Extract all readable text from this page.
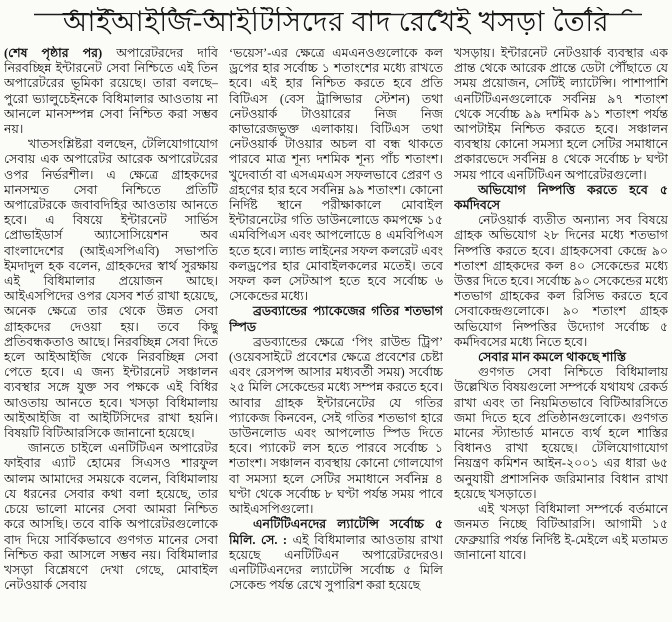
আইআইজি-আইটিসিদের বাদ রেখেই খসড়া তৈরি

(শেষ পৃষ্ঠার পর) অপারেটরদের দাবি নিরবচ্ছিন্ন ইন্টারনেট সেবা নিশ্চিতে এই তিন অপারেটরের ভূমিকা রয়েছে। তারা বলছে– পুরো ভ্যালুচেইনকে বিধিমালার আওতায় না আনলে মানসম্পন্ন সেবা নিশ্চিত করা সম্ভব নয়।

খাতসংশ্লিষ্টরা বলছেন, টেলিযোগাযোগ সেবায় এক অপারেটর আরেক অপারেটরের ওপর নির্ভরশীল। এ ক্ষেত্রে গ্রাহকদের মানসম্মত সেবা নিশ্চিতে প্রতিটি অপারেটরকে জবাবদিহির আওতায় আনতে হবে। এ বিষয়ে ইন্টারনেট সার্ভিস প্রোভাইডার্স অ্যাসোসিয়েশন অব বাংলাদেশের (আইএসপিএবি) সভাপতি ইমদাদুল হক বলেন, গ্রাহকদের স্বার্থ সুরক্ষায় এই বিধিমালার প্রয়োজন আছে। আইএসপিদের ওপর যেসব শর্ত রাখা হয়েছে, অনেক ক্ষেত্রে তার থেকে উন্নত সেবা গ্রাহকদের দেওয়া হয়। তবে কিছু প্রতিবন্ধকতাও আছে। নিরবচ্ছিন্ন সেবা দিতে হলে আইআইজি থেকে নিরবচ্ছিন্ন সেবা পেতে হবে। এ জন্য ইন্টারনেট সঞ্চালন ব্যবস্থার সঙ্গে যুক্ত সব পক্ষকে এই বিধির আওতায় আনতে হবে। খসড়া বিধিমালায় আইআইজি বা আইটিসিদের রাখা হয়নি। বিষয়টি বিটিআরসিকে জানানো হয়েছে।

জানতে চাইলে এনটিটিএন অপারেটর ফাইবার এ্যাট হোমের সিএসও শারফুল আলম আমাদের সময়কে বলেন, বিধিমালায় যে ধরনের সেবার কথা বলা হয়েছে, তার চেয়ে ভালো মানের সেবা আমরা নিশ্চিত করে আসছি। তবে বাকি অপারেটরগুলোকে বাদ দিয়ে সার্বিকভাবে গুণগত মানের সেবা নিশ্চিত করা আসলে সম্ভব নয়। বিধিমালার খসড়া বিশ্লেষণে দেখা গেছে, মোবাইল নেটওয়ার্ক সেবায়

‘ভয়েস’-এর ক্ষেত্রে এমএনওগুলোকে কল ড্রপের হার সর্বোচ্চ ১ শতাংশের মধ্যে রাখতে হবে। এই হার নিশ্চিত করতে হবে প্রতি বিটিএস (বেস ট্রান্সিভার স্টেশন) তথা নেটওয়ার্ক টাওয়ারের নিজ নিজ কাভারেজভুক্ত এলাকায়। বিটিএস তথা নেটওয়ার্ক টাওয়ার অচল বা বন্ধ থাকতে পারবে মাত্র শূন্য দশমিক শূন্য পাঁচ শতাংশ। খুদেবার্তা বা এসএমএস সফলভাবে প্রেরণ ও গ্রহণের হার হবে সর্বনিম্ন ৯৯ শতাংশ। কোনো নির্দিষ্ট স্থানে পরীক্ষাকালে মোবাইল ইন্টারনেটের গতি ডাউনলোডে কমপক্ষে ১৫ এমবিপিএস এবং আপলোডে ৪ এমবিপিএস হতে হবে। ল্যান্ড লাইনের সফল কলরেট এবং কলড্রপের হার মোবাইলকলের মতেই। তবে সফল কল সেটআপ হতে হবে সর্বোচ্চ ৬ সেকেন্ডের মধ্যে।

ব্রডব্যান্ডের প্যাকেজের গতির শতভাগ স্পিড

ব্রডব্যান্ডের ক্ষেত্রে ‘পিং রাউন্ড ট্রিপ’ (ওয়েবসাইটে প্রবেশের ক্ষেত্রে প্রবেশের চেষ্টা এবং রেসপন্স আসার মধ্যবর্তী সময়) সর্বোচ্চ ২৫ মিলি সেকেন্ডের মধ্যে সম্পন্ন করতে হবে। আবার গ্রাহক ইন্টারনেটের যে গতির প্যাকেজ কিনবেন, সেই গতির শতভাগ হারে ডাউনলোড এবং আপলোড স্পিড দিতে হবে। প্যাকেট লস হতে পারবে সর্বোচ্চ ১ শতাংশ। সঞ্চালন ব্যবস্থায় কোনো গোলযোগ বা সমস্যা হলে সেটির সমাধানে সর্বনিম্ন ৪ ঘণ্টা থেকে সর্বোচ্চ ৮ ঘণ্টা পর্যন্ত সময় পাবে আইএসপিগুলো।

এনটিটিএনদের ল্যাটেন্সি সর্বোচ্চ ৫ মিলি. সে. : এই বিধিমালার আওতায় রাখা হয়েছে এনটিটিএন অপারেটরদেরও। এনটিটিএনদের ল্যাটেন্সি সর্বোচ্চ ৫ মিলি সেকেন্ড পর্যন্ত রেখে সুপারিশ করা হয়েছে

খসড়ায়। ইন্টারনেট নেটওয়ার্ক ব্যবস্থার এক প্রান্ত থেকে আরেক প্রান্তে ডেটা পৌঁছাতে যে সময় প্রয়োজন, সেটিই ল্যাটেন্সি। পাশাপাশি এনটিটিএনগুলোকে সর্বনিম্ন ৯৭ শতাংশ থেকে সর্বোচ্চ ৯৯ দশমিক ৯১ শতাংশ পর্যন্ত আপটাইম নিশ্চিত করতে হবে। সঞ্চালন ব্যবস্থায় কোনো সমস্যা হলে সেটির সমাধানে প্রকারভেদে সর্বনিম্ন ৪ থেকে সর্বোচ্চ ৮ ঘণ্টা সময় পাবে এনটিটিএন অপারেটরগুলো।

অভিযোগ নিষ্পত্তি করতে হবে ৫ কর্মদিবসে

নেটওয়ার্ক ব্যতীত অন্যান্য সব বিষয়ে গ্রাহক অভিযোগ ২৮ দিনের মধ্যে শতভাগ নিষ্পত্তি করতে হবে। গ্রাহকসেবা কেন্দ্রে ৯০ শতাংশ গ্রাহকদের কল ৪০ সেকেন্ডের মধ্যে উত্তর দিতে হবে। সর্বোচ্চ ৯০ সেকেন্ডের মধ্যে শতভাগ গ্রাহকের কল রিসিভ করতে হবে সেবাকেন্দ্রগুলোকে। ৯০ শতাংশ গ্রাহক অভিযোগ নিষ্পত্তির উদ্যোগ সর্বোচ্চ ৫ কর্মদিবসের মধ্যে নিতে হবে।

সেবার মান কমলে থাকছে শাস্তি

গুণগত সেবা নিশ্চিতে বিধিমালায় উল্লেখিত বিষয়গুলো সম্পর্কে যথাযথ রেকর্ড রাখা এবং তা নিয়মিতভাবে বিটিআরসিতে জমা দিতে হবে প্রতিষ্ঠানগুলোকে। গুণগত মানের স্ট্যান্ডার্ড মানতে ব্যর্থ হলে শাস্তির বিধানও রাখা হয়েছে। টেলিযোগাযোগ নিয়ন্ত্রণ কমিশন আইন-২০০১ এর ধারা ৬৫ অনুযায়ী প্রশাসনিক জরিমানার বিধান রাখা হয়েছে খসড়াতে।

এই খসড়া বিধিমালা সম্পর্কে বর্তমানে জনমত নিচ্ছে বিটিআরসি। আগামী ১৫ ফেব্রুয়ারি পর্যন্ত নির্দিষ্ট ই-মেইলে এই মতামত জানানো যাবে।
